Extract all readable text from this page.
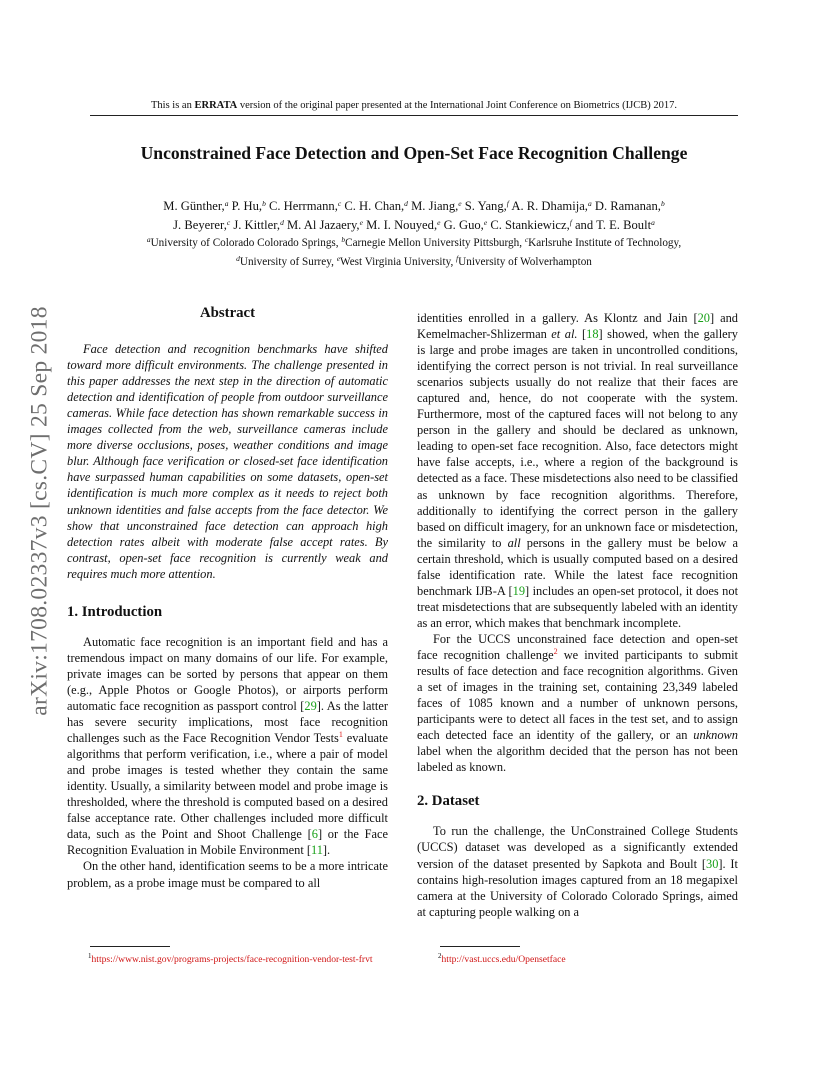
This is an ERRATA version of the original paper presented at the International Joint Conference on Biometrics (IJCB) 2017.
arXiv:1708.02337v3 [cs.CV] 25 Sep 2018
Unconstrained Face Detection and Open-Set Face Recognition Challenge

M. Günther,$^a$ P. Hu,$^b$ C. Herrmann,$^c$ C. H. Chan,$^d$ M. Jiang,$^e$ S. Yang,$^f$ A. R. Dhamija,$^a$ D. Ramanan,$^b$

J. Beyerer,$^c$ J. Kittler,$^d$ M. Al Jazaery,$^e$ M. I. Nouyed,$^e$ G. Guo,$^e$ C. Stankiewicz,$^f$ and T. E. Boult$^a$

$^a$University of Colorado Colorado Springs, $^b$Carnegie Mellon University Pittsburgh, $^c$Karlsruhe Institute of Technology,

$^d$University of Surrey, $^e$West Virginia University, $^f$University of Wolverhampton

Abstract

Face detection and recognition benchmarks have shifted toward more difficult environments. The challenge presented in this paper addresses the next step in the direction of automatic detection and identification of people from outdoor surveillance cameras. While face detection has shown remarkable success in images collected from the web, surveillance cameras include more diverse occlusions, poses, weather conditions and image blur. Although face verification or closed-set face identification have surpassed human capabilities on some datasets, open-set identification is much more complex as it needs to reject both unknown identities and false accepts from the face detector. We show that unconstrained face detection can approach high detection rates albeit with moderate false accept rates. By contrast, open-set face recognition is currently weak and requires much more attention.

1. Introduction

Automatic face recognition is an important field and has a tremendous impact on many domains of our life. For example, private images can be sorted by persons that appear on them (e.g., Apple Photos or Google Photos), or airports perform automatic face recognition as passport control [29]. As the latter has severe security implications, most face recognition challenges such as the Face Recognition Vendor Tests$^1$ evaluate algorithms that perform verification, i.e., where a pair of model and probe images is tested whether they contain the same identity. Usually, a similarity between model and probe image is thresholded, where the threshold is computed based on a desired false acceptance rate. Other challenges included more difficult data, such as the Point and Shoot Challenge [6] or the Face Recognition Evaluation in Mobile Environment [11].

On the other hand, identification seems to be a more intricate problem, as a probe image must be compared to all

identities enrolled in a gallery. As Klontz and Jain [20] and Kemelmacher-Shlizerman et al. [18] showed, when the gallery is large and probe images are taken in uncontrolled conditions, identifying the correct person is not trivial. In real surveillance scenarios subjects usually do not realize that their faces are captured and, hence, do not cooperate with the system. Furthermore, most of the captured faces will not belong to any person in the gallery and should be declared as unknown, leading to open-set face recognition. Also, face detectors might have false accepts, i.e., where a region of the background is detected as a face. These misdetections also need to be classified as unknown by face recognition algorithms. Therefore, additionally to identifying the correct person in the gallery based on difficult imagery, for an unknown face or misdetection, the similarity to all persons in the gallery must be below a certain threshold, which is usually computed based on a desired false identification rate. While the latest face recognition benchmark IJB-A [19] includes an open-set protocol, it does not treat misdetections that are subsequently labeled with an identity as an error, which makes that benchmark incomplete.

For the UCCS unconstrained face detection and open-set face recognition challenge$^2$ we invited participants to submit results of face detection and face recognition algorithms. Given a set of images in the training set, containing 23,349 labeled faces of 1085 known and a number of unknown persons, participants were to detect all faces in the test set, and to assign each detected face an identity of the gallery, or an unknown label when the algorithm decided that the person has not been labeled as known.

2. Dataset

To run the challenge, the UnConstrained College Students (UCCS) dataset was developed as a significantly extended version of the dataset presented by Sapkota and Boult [30]. It contains high-resolution images captured from an 18 megapixel camera at the University of Colorado Colorado Springs, aimed at capturing people walking on a

$^1$https://www.nist.gov/programs-projects/face-recognition-vendor-test-frvt	$^2$http://vast.uccs.edu/Opensetface
